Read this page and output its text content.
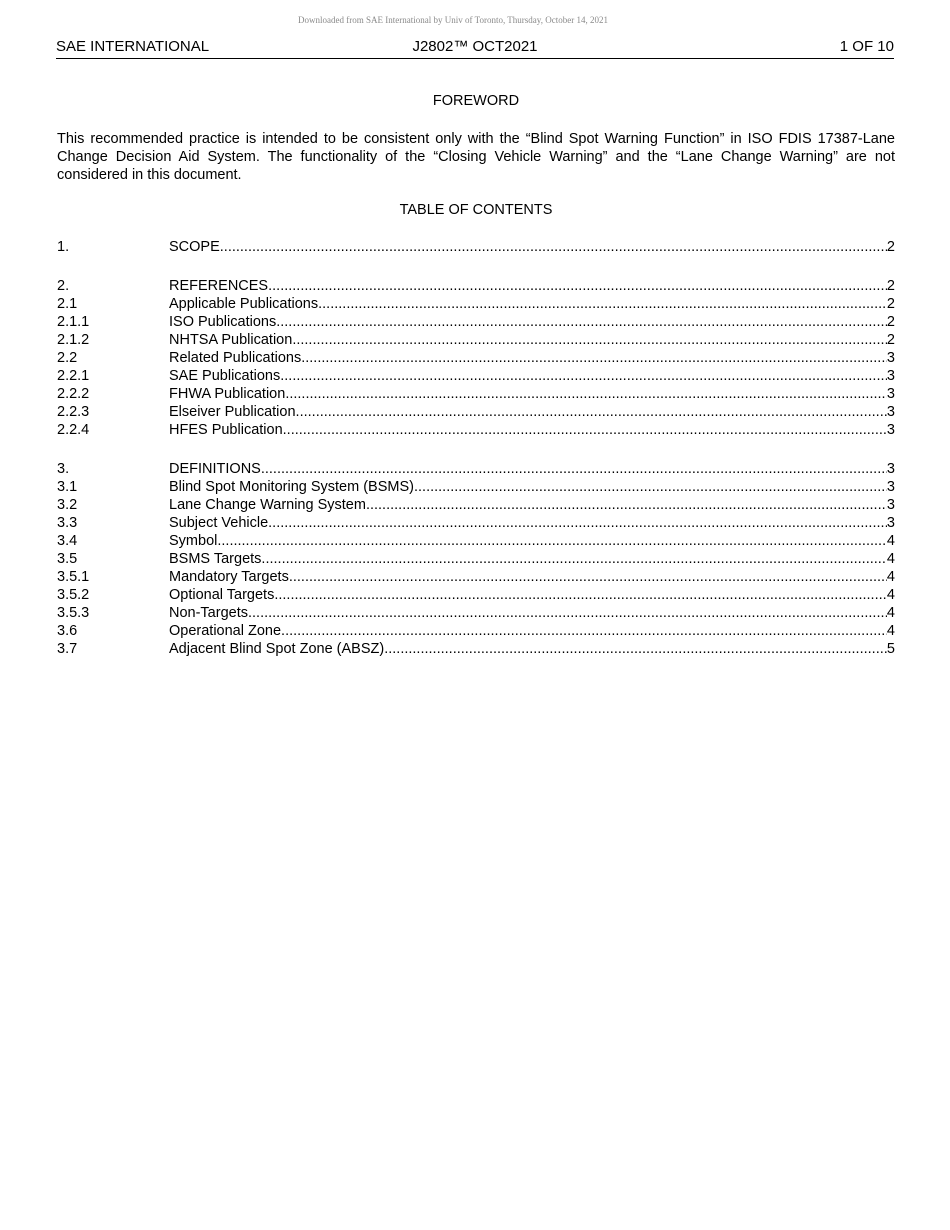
Downloaded from SAE International by Univ of Toronto, Thursday, October 14, 2021
SAE INTERNATIONAL	J2802™ OCT2021	1 OF 10
FOREWORD
This recommended practice is intended to be consistent only with the “Blind Spot Warning Function” in ISO FDIS 17387-Lane Change Decision Aid System. The functionality of the “Closing Vehicle Warning” and the “Lane Change Warning” are not considered in this document.
TABLE OF CONTENTS
1.	SCOPE .....	2
2.	REFERENCES .....	2
2.1	Applicable Publications .....	2
2.1.1	ISO Publications .....	2
2.1.2	NHTSA Publication .....	2
2.2	Related Publications .....	3
2.2.1	SAE Publications .....	3
2.2.2	FHWA Publication .....	3
2.2.3	Elseiver Publication .....	3
2.2.4	HFES Publication .....	3
3.	DEFINITIONS .....	3
3.1	Blind Spot Monitoring System (BSMS) .....	3
3.2	Lane Change Warning System .....	3
3.3	Subject Vehicle .....	3
3.4	Symbol .....	4
3.5	BSMS Targets .....	4
3.5.1	Mandatory Targets .....	4
3.5.2	Optional Targets .....	4
3.5.3	Non-Targets .....	4
3.6	Operational Zone .....	4
3.7	Adjacent Blind Spot Zone (ABSZ) .....	5
